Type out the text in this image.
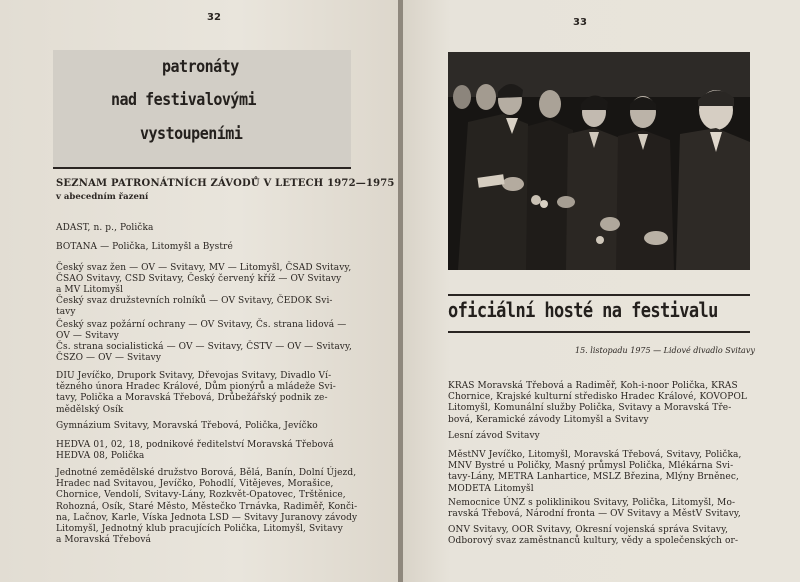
32
patronáty
nad festivalovými
vystoupeními
SEZNAM PATRONÁTNÍCH ZÁVODŮ V LETECH 1972—1975
v abecedním řazení
ADAST, n. p., Polička
BOTANA — Polička, Litomyšl a Bystré
Český svaz žen — OV — Svitavy, MV — Litomyšl, ČSAD Svitavy,
ČSAO Svitavy, CSD Svitavy, Český červený kříž — OV Svitavy
a MV Litomyšl
Český svaz družstevních rolníků — OV Svitavy, ČEDOK Svi-
tavy
Český svaz požární ochrany — OV Svitavy, Čs. strana lidová —
OV — Svitavy
Čs. strana socialistická — OV — Svitavy, ČSTV — OV — Svitavy,
ČSZO — OV — Svitavy
DIU Jevíčko, Drupork Svitavy, Dřevojas Svitavy, Divadlo Ví-
tězného února Hradec Králové, Dům pionýrů a mládeže Svi-
tavy, Polička a Moravská Třebová, Drůbežářský podnik ze-
mědělský Osík
Gymnázium Svitavy, Moravská Třebová, Polička, Jevíčko
HEDVA 01, 02, 18, podnikové ředitelství Moravská Třebová
HEDVA 08, Polička
Jednotné zemědělské družstvo Borová, Bělá, Banín, Dolní Újezd,
Hradec nad Svitavou, Jevíčko, Pohodlí, Vitějeves, Morašice,
Chornice, Vendolí, Svitavy-Lány, Rozkvět-Opatovec, Trštěnice,
Rohozná, Osík, Staré Město, Městečko Trnávka, Radiměř, Konči-
na, Lačnov, Karle, Víska Jednota LSD — Svitavy Juranovy závody
Litomyšl, Jednotný klub pracujících Polička, Litomyšl, Svitavy
a Moravská Třebová
33
oficiální hosté na festivalu
15. listopadu 1975 — Lidové divadlo Svitavy
KRAS Moravská Třebová a Radiměř, Koh-i-noor Polička, KRAS
Chornice, Krajské kulturní středisko Hradec Králové, KOVOPOL
Litomyšl, Komunální služby Polička, Svitavy a Moravská Tře-
bová, Keramické závody Litomyšl a Svitavy
Lesní závod Svitavy
MěstNV Jevíčko, Litomyšl, Moravská Třebová, Svitavy, Polička,
MNV Bystré u Poličky, Masný průmysl Polička, Mlékárna Svi-
tavy-Lány, METRA Lanhartice, MSLZ Březina, Mlýny Brněnec,
MODETA Litomyšl
Nemocnice ÚNZ s poliklinikou Svitavy, Polička, Litomyšl, Mo-
ravská Třebová, Národní fronta — OV Svitavy a MěstV Svitavy,
ONV Svitavy, OOR Svitavy, Okresní vojenská správa Svitavy,
Odborový svaz zaměstnanců kultury, vědy a společenských or-
